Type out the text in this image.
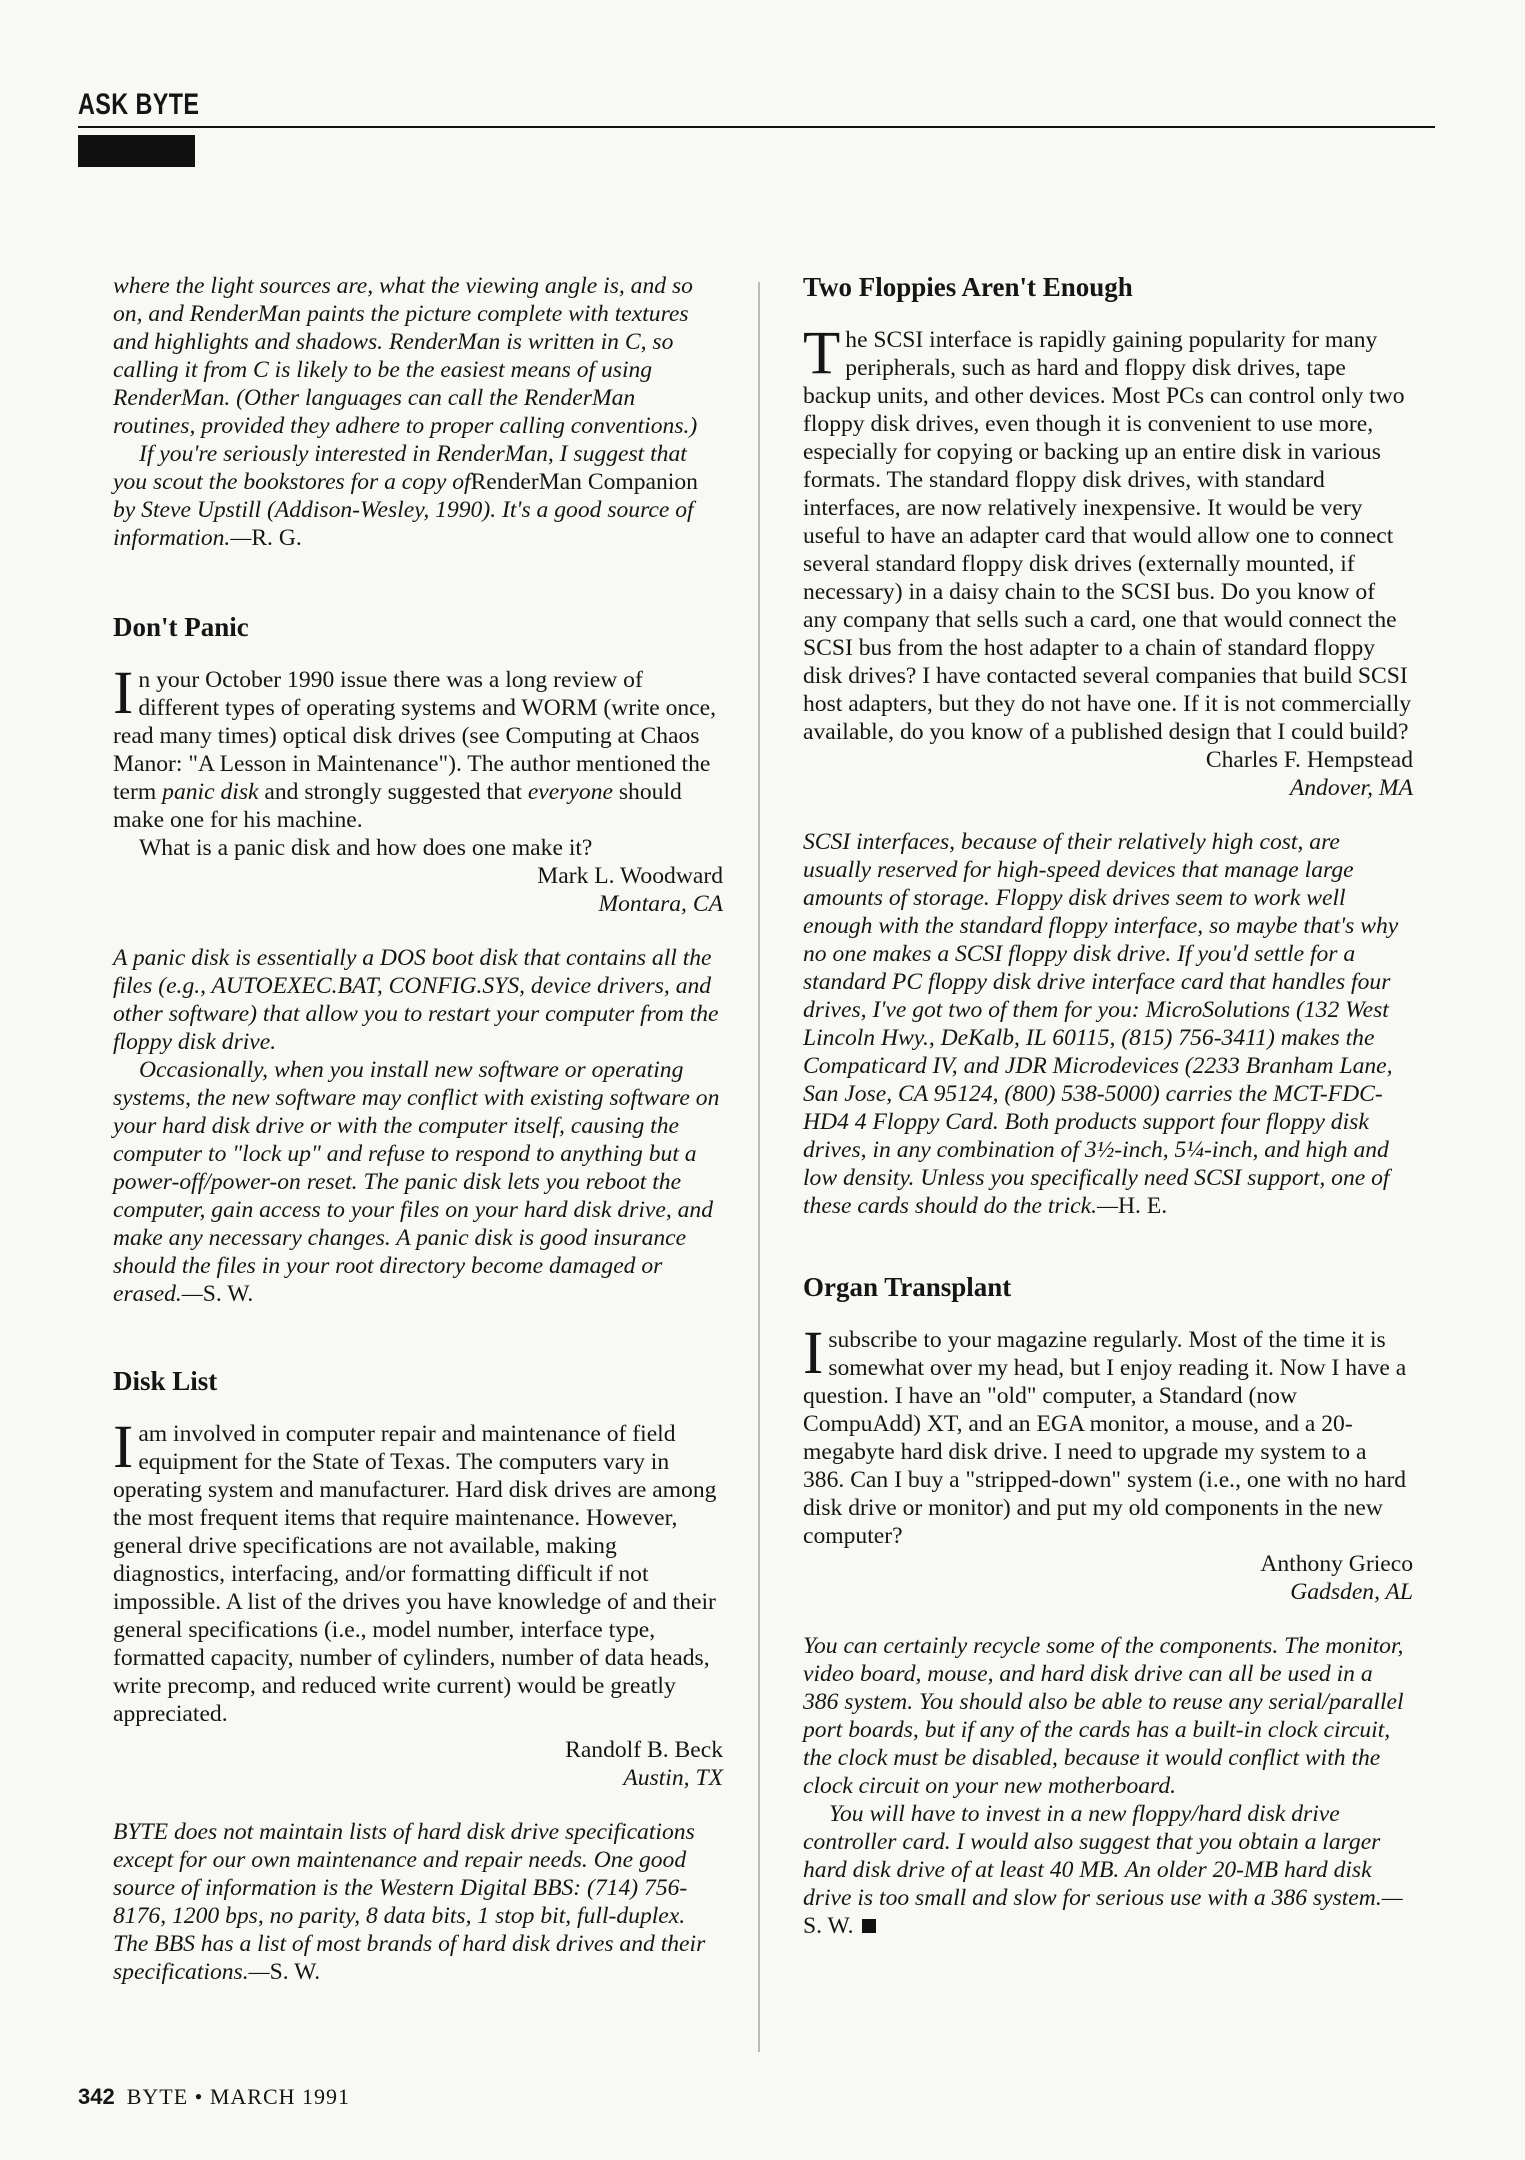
ASK BYTE

where the light sources are, what the viewing angle is, and so on, and RenderMan paints the picture complete with textures and highlights and shadows. RenderMan is written in C, so calling it from C is likely to be the easiest means of using RenderMan. (Other languages can call the RenderMan routines, provided they adhere to proper calling conventions.)

If you're seriously interested in RenderMan, I suggest that you scout the bookstores for a copy ofRenderMan Companion by Steve Upstill (Addison-Wesley, 1990). It's a good source of information.—R. G.

Don't Panic

In your October 1990 issue there was a long review of different types of operating systems and WORM (write once, read many times) optical disk drives (see Computing at Chaos Manor: "A Lesson in Maintenance"). The author mentioned the term panic disk and strongly suggested that everyone should make one for his machine.

What is a panic disk and how does one make it?

Mark L. Woodward
Montara, CA

A panic disk is essentially a DOS boot disk that contains all the files (e.g., AUTOEXEC.BAT, CONFIG.SYS, device drivers, and other software) that allow you to restart your computer from the floppy disk drive.

Occasionally, when you install new software or operating systems, the new software may conflict with existing software on your hard disk drive or with the computer itself, causing the computer to "lock up" and refuse to respond to anything but a power-off/power-on reset. The panic disk lets you reboot the computer, gain access to your files on your hard disk drive, and make any necessary changes. A panic disk is good insurance should the files in your root directory become damaged or erased.—S. W.

Disk List

Iam involved in computer repair and maintenance of field equipment for the State of Texas. The computers vary in operating system and manufacturer. Hard disk drives are among the most frequent items that require maintenance. However, general drive specifications are not available, making diagnostics, interfacing, and/or formatting difficult if not impossible. A list of the drives you have knowledge of and their general specifications (i.e., model number, interface type, formatted capacity, number of cylinders, number of data heads, write precomp, and reduced write current) would be greatly appreciated.

Randolf B. Beck
Austin, TX

BYTE does not maintain lists of hard disk drive specifications except for our own maintenance and repair needs. One good source of information is the Western Digital BBS: (714) 756-8176, 1200 bps, no parity, 8 data bits, 1 stop bit, full-duplex. The BBS has a list of most brands of hard disk drives and their specifications.—S. W.

Two Floppies Aren't Enough

The SCSI interface is rapidly gaining popularity for many peripherals, such as hard and floppy disk drives, tape backup units, and other devices. Most PCs can control only two floppy disk drives, even though it is convenient to use more, especially for copying or backing up an entire disk in various formats. The standard floppy disk drives, with standard interfaces, are now relatively inexpensive. It would be very useful to have an adapter card that would allow one to connect several standard floppy disk drives (externally mounted, if necessary) in a daisy chain to the SCSI bus. Do you know of any company that sells such a card, one that would connect the SCSI bus from the host adapter to a chain of standard floppy disk drives? I have contacted several companies that build SCSI host adapters, but they do not have one. If it is not commercially available, do you know of a published design that I could build?

Charles F. Hempstead
Andover, MA

SCSI interfaces, because of their relatively high cost, are usually reserved for high-speed devices that manage large amounts of storage. Floppy disk drives seem to work well enough with the standard floppy interface, so maybe that's why no one makes a SCSI floppy disk drive. If you'd settle for a standard PC floppy disk drive interface card that handles four drives, I've got two of them for you: MicroSolutions (132 West Lincoln Hwy., DeKalb, IL 60115, (815) 756-3411) makes the Compaticard IV, and JDR Microdevices (2233 Branham Lane, San Jose, CA 95124, (800) 538-5000) carries the MCT-FDC-HD4 4 Floppy Card. Both products support four floppy disk drives, in any combination of 3½-inch, 5¼-inch, and high and low density. Unless you specifically need SCSI support, one of these cards should do the trick.—H. E.

Organ Transplant

Isubscribe to your magazine regularly. Most of the time it is somewhat over my head, but I enjoy reading it. Now I have a question. I have an "old" computer, a Standard (now CompuAdd) XT, and an EGA monitor, a mouse, and a 20-megabyte hard disk drive. I need to upgrade my system to a 386. Can I buy a "stripped-down" system (i.e., one with no hard disk drive or monitor) and put my old components in the new computer?

Anthony Grieco
Gadsden, AL

You can certainly recycle some of the components. The monitor, video board, mouse, and hard disk drive can all be used in a 386 system. You should also be able to reuse any serial/parallel port boards, but if any of the cards has a built-in clock circuit, the clock must be disabled, because it would conflict with the clock circuit on your new motherboard.

You will have to invest in a new floppy/hard disk drive controller card. I would also suggest that you obtain a larger hard disk drive of at least 40 MB. An older 20-MB hard disk drive is too small and slow for serious use with a 386 system.—S. W.

342 BYTE • MARCH 1991
